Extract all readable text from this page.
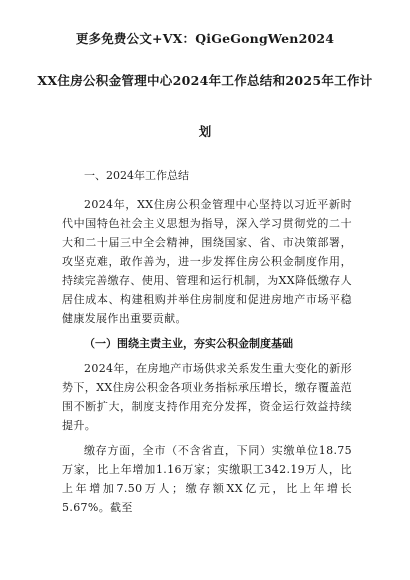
更多免费公文+VX：QiGeGongWen2024
XX住房公积金管理中心2024年工作总结和2025年工作计
划

一、2024年工作总结

2024年，XX住房公积金管理中心坚持以习近平新时代中国特色社会主义思想为指导，深入学习贯彻党的二十大和二十届三中全会精神，围绕国家、省、市决策部署，攻坚克难，敢作善为，进一步发挥住房公积金制度作用，持续完善缴存、使用、管理和运行机制，为XX降低缴存人居住成本、构建租购并举住房制度和促进房地产市场平稳健康发展作出重要贡献。

（一）围绕主责主业，夯实公积金制度基础

2024年，在房地产市场供求关系发生重大变化的新形势下，XX住房公积金各项业务指标承压增长，缴存覆盖范围不断扩大，制度支持作用充分发挥，资金运行效益持续提升。

缴存方面，全市（不含省直，下同）实缴单位18.75万家，比上年增加1.16万家；实缴职工342.19万人，比上年增加7.50万人；缴存额XX亿元，比上年增长5.67%。截至
